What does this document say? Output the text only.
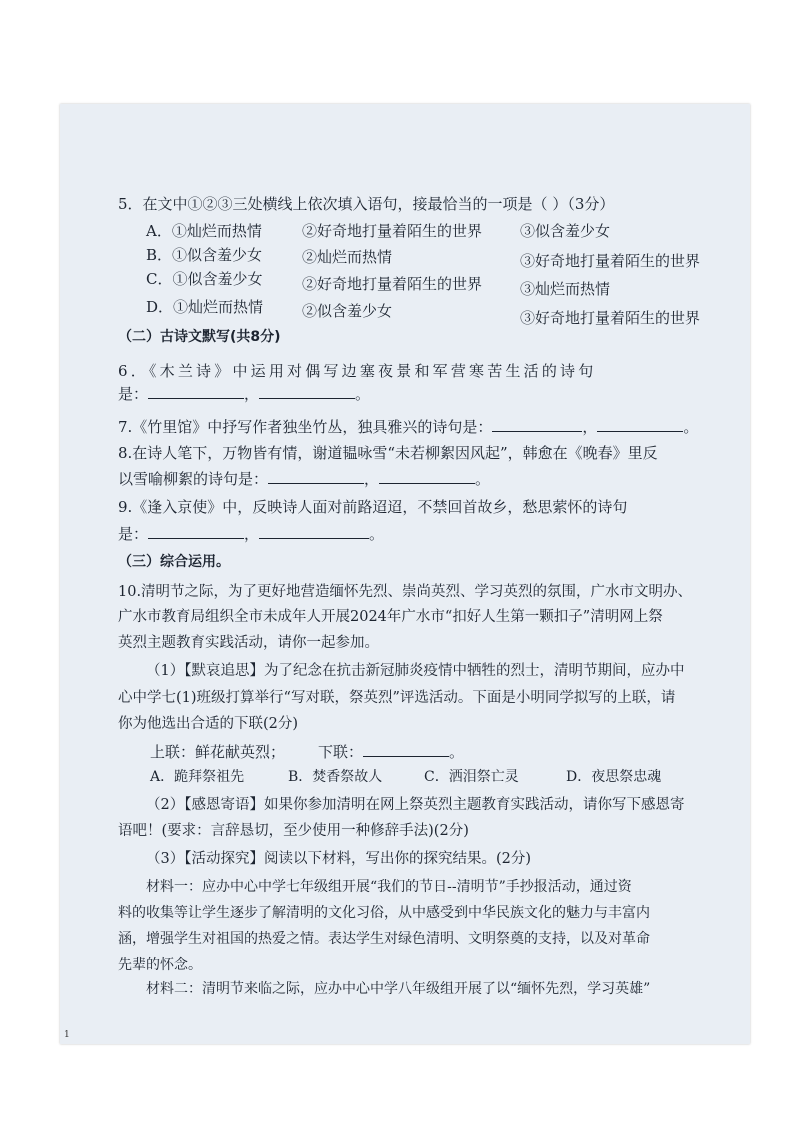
5．在文中①②③三处横线上依次填入语句，接最恰当的一项是（ ）（3分）
A．①灿烂而热情	②好奇地打量着陌生的世界	③似含羞少女
B．①似含羞少女	②灿烂而热情	③好奇地打量着陌生的世界
C．①似含羞少女	②好奇地打量着陌生的世界	③灿烂而热情
D．①灿烂而热情	②似含羞少女	③好奇地打量着陌生的世界
（二）古诗文默写(共8分)
6．《木兰诗》中运用对偶写边塞夜景和军营寒苦生活的诗句
是：	，	。
7.《竹里馆》中抒写作者独坐竹丛，独具雅兴的诗句是：	，	。
8.在诗人笔下，万物皆有情，谢道韫咏雪“未若柳絮因风起”，韩愈在《晚春》里反
以雪喻柳絮的诗句是：	，	。
9.《逢入京使》中，反映诗人面对前路迢迢，不禁回首故乡，愁思萦怀的诗句
是：	，	。
（三）综合运用。
10.清明节之际，为了更好地营造缅怀先烈、崇尚英烈、学习英烈的氛围，广水市文明办、
广水市教育局组织全市未成年人开展2024年广水市“扣好人生第一颗扣子”清明网上祭
英烈主题教育实践活动，请你一起参加。
（1）【默哀追思】为了纪念在抗击新冠肺炎疫情中牺牲的烈士，清明节期间，应办中
心中学七(1)班级打算举行“写对联，祭英烈”评选活动。下面是小明同学拟写的上联，请
你为他选出合适的下联(2分)
上联：鲜花献英烈； 下联：	。
A．跪拜祭祖先	B．焚香祭故人	C．洒泪祭亡灵	D．夜思祭忠魂
（2）【感恩寄语】如果你参加清明在网上祭英烈主题教育实践活动，请你写下感恩寄
语吧！(要求：言辞恳切，至少使用一种修辞手法)(2分)
（3）【活动探究】阅读以下材料，写出你的探究结果。(2分)
材料一：应办中心中学七年级组开展“我们的节日--清明节”手抄报活动，通过资
料的收集等让学生逐步了解清明的文化习俗，从中感受到中华民族文化的魅力与丰富内
涵，增强学生对祖国的热爱之情。表达学生对绿色清明、文明祭奠的支持，以及对革命
先辈的怀念。
材料二：清明节来临之际，应办中心中学八年级组开展了以“缅怀先烈，学习英雄”
1
